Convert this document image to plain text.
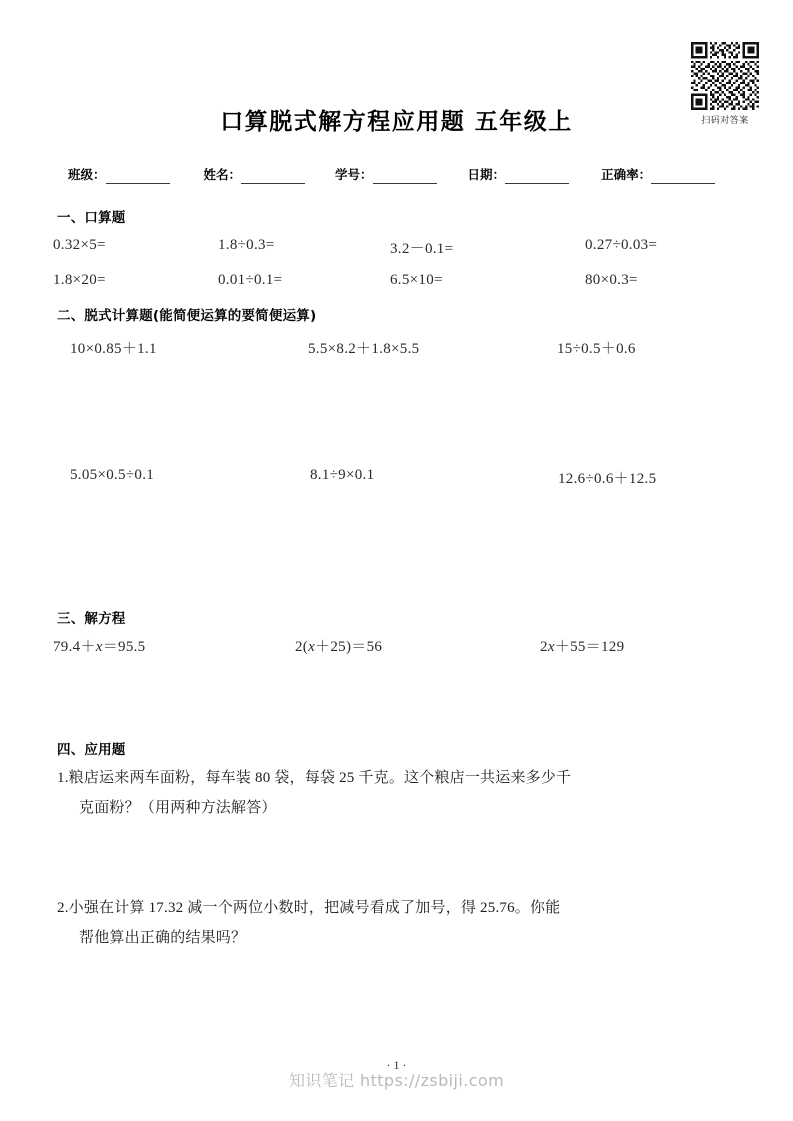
扫码对答案
口算脱式解方程应用题 五年级上
班级：	姓名：	学号：	日期：	正确率：
一、口算题
0.32×5=	1.8÷0.3=	3.2－0.1=	0.27÷0.03=
1.8×20=	0.01÷0.1=	6.5×10=	80×0.3=
二、脱式计算题(能简便运算的要简便运算)
10×0.85＋1.1	5.5×8.2＋1.8×5.5	15÷0.5＋0.6
5.05×0.5÷0.1	8.1÷9×0.1	12.6÷0.6＋12.5
三、解方程
79.4＋x＝95.5	2(x＋25)＝56	2x＋55＝129
四、应用题
1.粮店运来两车面粉，每车装 80 袋，每袋 25 千克。这个粮店一共运来多少千
克面粉？（用两种方法解答）
2.小强在计算 17.32 减一个两位小数时，把减号看成了加号，得 25.76。你能
帮他算出正确的结果吗？
· 1 ·
知识笔记 https://zsbiji.com
